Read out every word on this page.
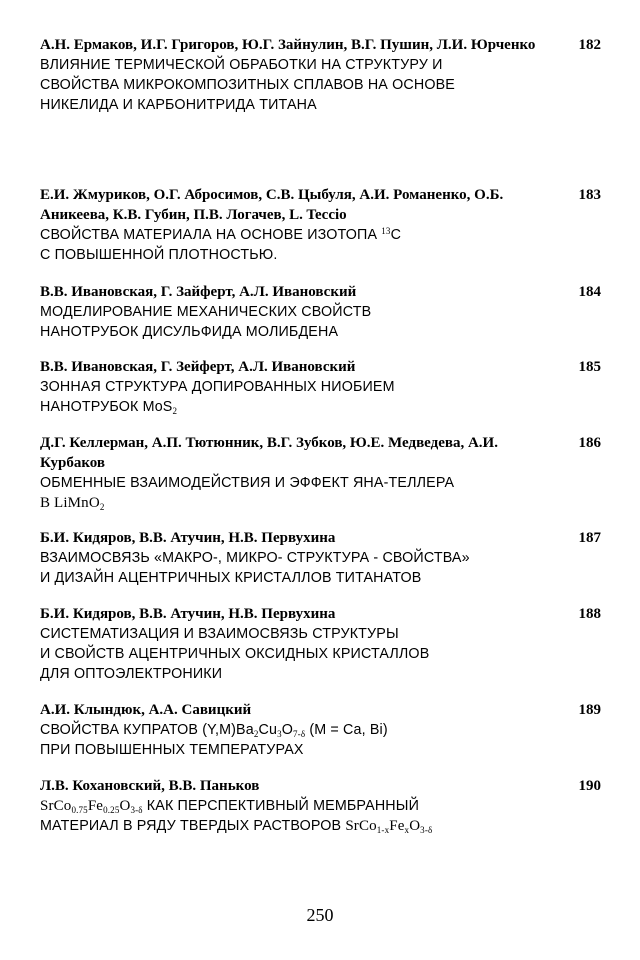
А.Н. Ермаков, И.Г. Григоров, Ю.Г. Зайнулин, В.Г. Пушин, Л.И. Юрченко
ВЛИЯНИЕ ТЕРМИЧЕСКОЙ ОБРАБОТКИ НА СТРУКТУРУ И
СВОЙСТВА МИКРОКОМПОЗИТНЫХ СПЛАВОВ НА ОСНОВЕ
НИКЕЛИДА И КАРБОНИТРИДА ТИТАНА
182
Е.И. Жмуриков, О.Г. Абросимов, С.В. Цыбуля, А.И. Романенко, О.Б. Аникеева, К.В. Губин, П.В. Логачев, L. Teccio
СВОЙСТВА МАТЕРИАЛА НА ОСНОВЕ ИЗОТОПА $^{13}$С
С ПОВЫШЕННОЙ ПЛОТНОСТЬЮ.
183
В.В. Ивановская, Г. Зайферт, А.Л. Ивановский
МОДЕЛИРОВАНИЕ МЕХАНИЧЕСКИХ СВОЙСТВ
НАНОТРУБОК ДИСУЛЬФИДА МОЛИБДЕНА
184
В.В. Ивановская, Г. Зейферт, А.Л. Ивановский
ЗОННАЯ СТРУКТУРА ДОПИРОВАННЫХ НИОБИЕМ
НАНОТРУБОК MoS$_2$
185
Д.Г. Келлерман, А.П. Тютюнник, В.Г. Зубков, Ю.Е. Медведева, А.И. Курбаков
ОБМЕННЫЕ ВЗАИМОДЕЙСТВИЯ И ЭФФЕКТ ЯНА-ТЕЛЛЕРА
В LiMnO$_2$
186
Б.И. Кидяров, В.В. Атучин, Н.В. Первухина
ВЗАИМОСВЯЗЬ «МАКРО-, МИКРО- СТРУКТУРА - СВОЙСТВА»
И ДИЗАЙН АЦЕНТРИЧНЫХ КРИСТАЛЛОВ ТИТАНАТОВ
187
Б.И. Кидяров, В.В. Атучин, Н.В. Первухина
СИСТЕМАТИЗАЦИЯ И ВЗАИМОСВЯЗЬ СТРУКТУРЫ
И СВОЙСТВ АЦЕНТРИЧНЫХ ОКСИДНЫХ КРИСТАЛЛОВ
ДЛЯ ОПТОЭЛЕКТРОНИКИ
188
А.И. Клындюк, А.А. Савицкий
СВОЙСТВА КУПРАТОВ $(Y,M)Ba_2Cu_3O_{7-\delta}$ (M = Ca, Bi)
ПРИ ПОВЫШЕННЫХ ТЕМПЕРАТУРАХ
189
Л.В. Кохановский, В.В. Паньков
$SrCo_{0.75}Fe_{0.25}O_{3-\delta}$ КАК ПЕРСПЕКТИВНЫЙ МЕМБРАННЫЙ
МАТЕРИАЛ В РЯДУ ТВЕРДЫХ РАСТВОРОВ $SrCo_{1-x}Fe_xO_{3-\delta}$
190
250
